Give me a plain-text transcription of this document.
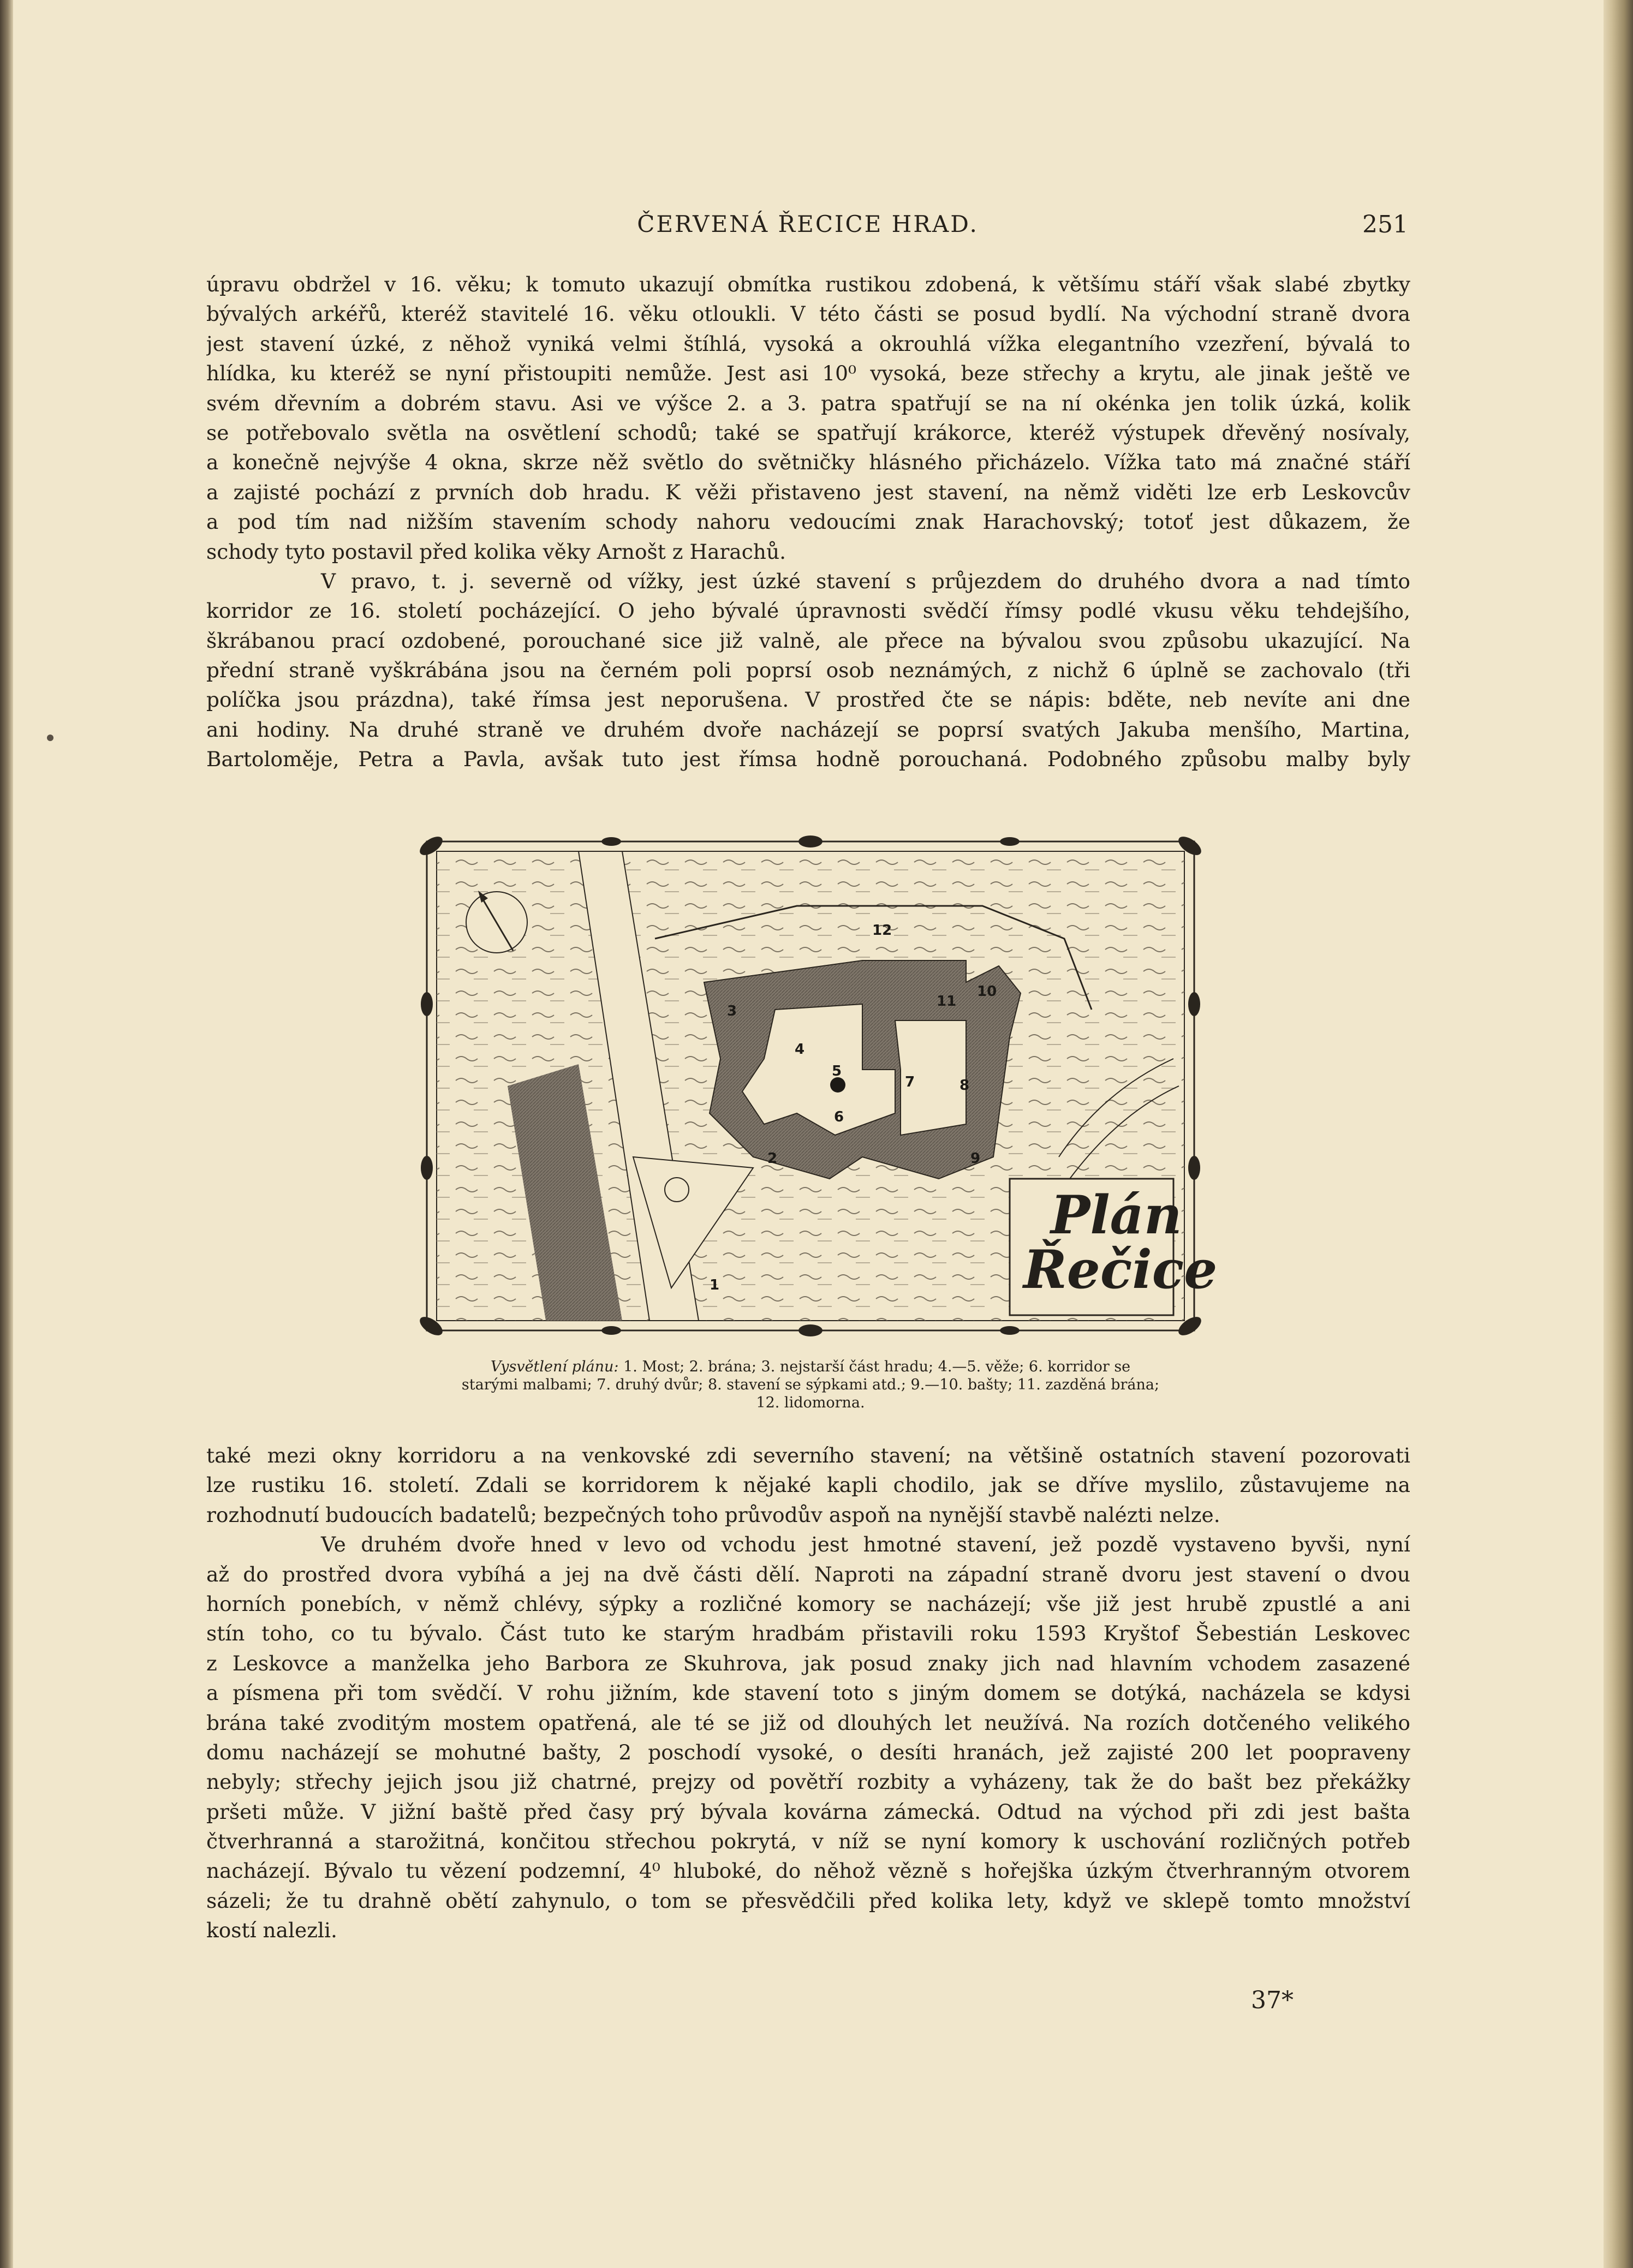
ČERVENÁ ŘECICE HRAD.	251
úpravu obdržel v 16. věku; k tomuto ukazují obmítka rustikou zdobená, k většímu stáří však slabé zbytky
bývalých arkéřů, kteréž stavitelé 16. věku otloukli. V této části se posud bydlí. Na východní straně dvora
jest stavení úzké, z něhož vyniká velmi štíhlá, vysoká a okrouhlá vížka elegantního vzezření, bývalá to
hlídka, ku kteréž se nyní přistoupiti nemůže. Jest asi 10⁰ vysoká, beze střechy a krytu, ale jinak ještě ve
svém dřevním a dobrém stavu. Asi ve výšce 2. a 3. patra spatřují se na ní okénka jen tolik úzká, kolik
se potřebovalo světla na osvětlení schodů; také se spatřují krákorce, kteréž výstupek dřevěný nosívaly,
a konečně nejvýše 4 okna, skrze něž světlo do světničky hlásného přicházelo. Vížka tato má značné stáří
a zajisté pochází z prvních dob hradu. K věži přistaveno jest stavení, na němž viděti lze erb Leskovcův
a pod tím nad nižším stavením schody nahoru vedoucími znak Harachovský; totoť jest důkazem, že
schody tyto postavil před kolika věky Arnošt z Harachů.
V pravo, t. j. severně od vížky, jest úzké stavení s průjezdem do druhého dvora a nad tímto
korridor ze 16. století pocházející. O jeho bývalé úpravnosti svědčí římsy podlé vkusu věku tehdejšího,
škrábanou prací ozdobené, porouchané sice již valně, ale přece na bývalou svou způsobu ukazující. Na
přední straně vyškrábána jsou na černém poli poprsí osob neznámých, z nichž 6 úplně se zachovalo (tři
políčka jsou prázdna), také římsa jest neporušena. V prostřed čte se nápis: bděte, neb nevíte ani dne
ani hodiny. Na druhé straně ve druhém dvoře nacházejí se poprsí svatých Jakuba menšího, Martina,
Bartoloměje, Petra a Pavla, avšak tuto jest římsa hodně porouchaná. Podobného způsobu malby byly
1
2
3
4
5
6
7	8
9
10
11
12
Plán
Řečice
Vysvětlení plánu: 1. Most; 2. brána; 3. nejstarší část hradu; 4.—5. věže; 6. korridor se
starými malbami; 7. druhý dvůr; 8. stavení se sýpkami atd.; 9.—10. bašty; 11. zazděná brána;
12. lidomorna.
také mezi okny korridoru a na venkovské zdi severního stavení; na většině ostatních stavení pozorovati
lze rustiku 16. století. Zdali se korridorem k nějaké kapli chodilo, jak se dříve myslilo, zůstavujeme na
rozhodnutí budoucích badatelů; bezpečných toho průvodův aspoň na nynější stavbě nalézti nelze.
Ve druhém dvoře hned v levo od vchodu jest hmotné stavení, jež pozdě vystaveno byvši, nyní
až do prostřed dvora vybíhá a jej na dvě části dělí. Naproti na západní straně dvoru jest stavení o dvou
horních ponebích, v němž chlévy, sýpky a rozličné komory se nacházejí; vše již jest hrubě zpustlé a ani
stín toho, co tu bývalo. Část tuto ke starým hradbám přistavili roku 1593 Kryštof Šebestián Leskovec
z Leskovce a manželka jeho Barbora ze Skuhrova, jak posud znaky jich nad hlavním vchodem zasazené
a písmena při tom svědčí. V rohu jižním, kde stavení toto s jiným domem se dotýká, nacházela se kdysi
brána také zvoditým mostem opatřená, ale té se již od dlouhých let neužívá. Na rozích dotčeného velikého
domu nacházejí se mohutné bašty, 2 poschodí vysoké, o desíti hranách, jež zajisté 200 let poopraveny
nebyly; střechy jejich jsou již chatrné, prejzy od povětří rozbity a vyházeny, tak že do bašt bez překážky
pršeti může. V jižní baště před časy prý bývala kovárna zámecká. Odtud na východ při zdi jest bašta
čtverhranná a starožitná, končitou střechou pokrytá, v níž se nyní komory k uschování rozličných potřeb
nacházejí. Bývalo tu vězení podzemní, 4⁰ hluboké, do něhož vězně s hořejška úzkým čtverhranným otvorem
sázeli; že tu drahně obětí zahynulo, o tom se přesvědčili před kolika lety, když ve sklepě tomto množství
kostí nalezli.
37*
